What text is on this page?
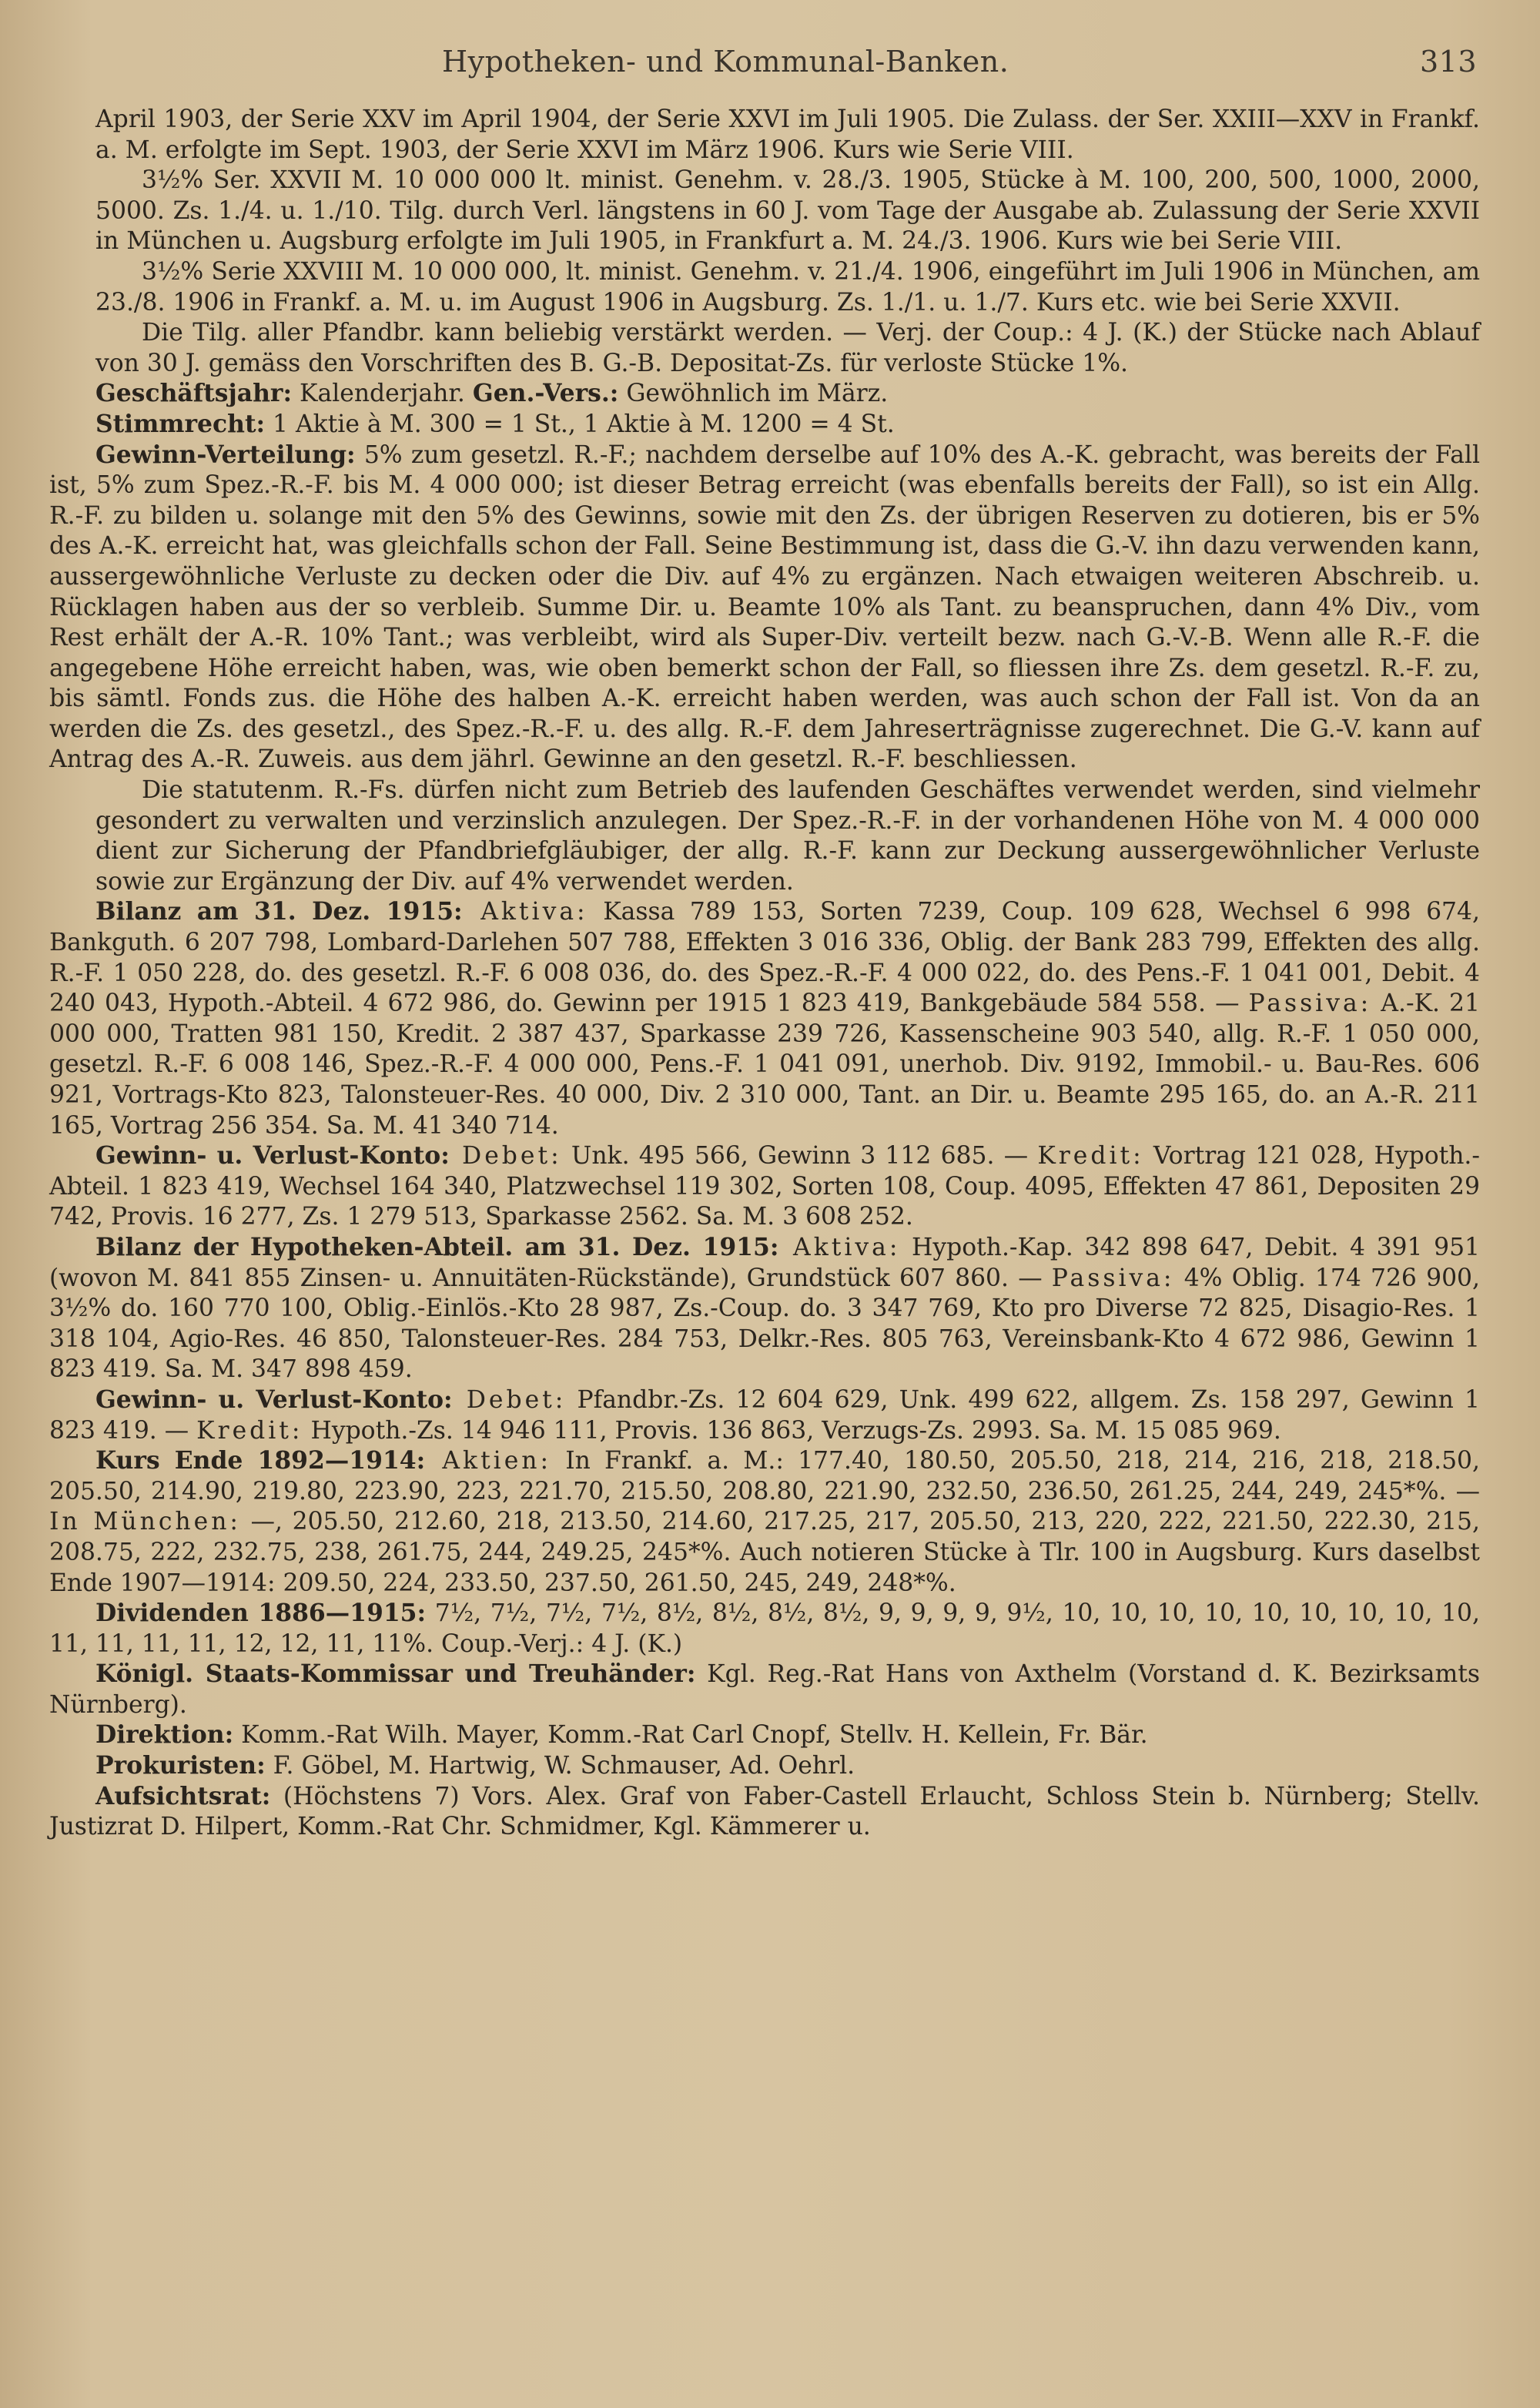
Hypotheken- und Kommunal-Banken.	313

April 1903, der Serie XXV im April 1904, der Serie XXVI im Juli 1905. Die Zulass. der Ser. XXIII—XXV in Frankf. a. M. erfolgte im Sept. 1903, der Serie XXVI im März 1906. Kurs wie Serie VIII.

3½% Ser. XXVII M. 10 000 000 lt. minist. Genehm. v. 28./3. 1905, Stücke à M. 100, 200, 500, 1000, 2000, 5000. Zs. 1./4. u. 1./10. Tilg. durch Verl. längstens in 60 J. vom Tage der Ausgabe ab. Zulassung der Serie XXVII in München u. Augsburg erfolgte im Juli 1905, in Frankfurt a. M. 24./3. 1906. Kurs wie bei Serie VIII.

3½% Serie XXVIII M. 10 000 000, lt. minist. Genehm. v. 21./4. 1906, eingeführt im Juli 1906 in München, am 23./8. 1906 in Frankf. a. M. u. im August 1906 in Augsburg. Zs. 1./1. u. 1./7. Kurs etc. wie bei Serie XXVII.

Die Tilg. aller Pfandbr. kann beliebig verstärkt werden. — Verj. der Coup.: 4 J. (K.) der Stücke nach Ablauf von 30 J. gemäss den Vorschriften des B. G.-B. Depositat-Zs. für verloste Stücke 1%.

Geschäftsjahr: Kalenderjahr. Gen.-Vers.: Gewöhnlich im März.

Stimmrecht: 1 Aktie à M. 300 = 1 St., 1 Aktie à M. 1200 = 4 St.

Gewinn-Verteilung: 5% zum gesetzl. R.-F.; nachdem derselbe auf 10% des A.-K. gebracht, was bereits der Fall ist, 5% zum Spez.-R.-F. bis M. 4 000 000; ist dieser Betrag erreicht (was ebenfalls bereits der Fall), so ist ein Allg. R.-F. zu bilden u. solange mit den 5% des Gewinns, sowie mit den Zs. der übrigen Reserven zu dotieren, bis er 5% des A.-K. erreicht hat, was gleichfalls schon der Fall. Seine Bestimmung ist, dass die G.-V. ihn dazu verwenden kann, aussergewöhnliche Verluste zu decken oder die Div. auf 4% zu ergänzen. Nach etwaigen weiteren Abschreib. u. Rücklagen haben aus der so verbleib. Summe Dir. u. Beamte 10% als Tant. zu beanspruchen, dann 4% Div., vom Rest erhält der A.-R. 10% Tant.; was verbleibt, wird als Super-Div. verteilt bezw. nach G.-V.-B. Wenn alle R.-F. die angegebene Höhe erreicht haben, was, wie oben bemerkt schon der Fall, so fliessen ihre Zs. dem gesetzl. R.-F. zu, bis sämtl. Fonds zus. die Höhe des halben A.-K. erreicht haben werden, was auch schon der Fall ist. Von da an werden die Zs. des gesetzl., des Spez.-R.-F. u. des allg. R.-F. dem Jahreserträgnisse zugerechnet. Die G.-V. kann auf Antrag des A.-R. Zuweis. aus dem jährl. Gewinne an den gesetzl. R.-F. beschliessen.

Die statutenm. R.-Fs. dürfen nicht zum Betrieb des laufenden Geschäftes verwendet werden, sind vielmehr gesondert zu verwalten und verzinslich anzulegen. Der Spez.-R.-F. in der vorhandenen Höhe von M. 4 000 000 dient zur Sicherung der Pfandbriefgläubiger, der allg. R.-F. kann zur Deckung aussergewöhnlicher Verluste sowie zur Ergänzung der Div. auf 4% verwendet werden.

Bilanz am 31. Dez. 1915: Aktiva: Kassa 789 153, Sorten 7239, Coup. 109 628, Wechsel 6 998 674, Bankguth. 6 207 798, Lombard-Darlehen 507 788, Effekten 3 016 336, Oblig. der Bank 283 799, Effekten des allg. R.-F. 1 050 228, do. des gesetzl. R.-F. 6 008 036, do. des Spez.-R.-F. 4 000 022, do. des Pens.-F. 1 041 001, Debit. 4 240 043, Hypoth.-Abteil. 4 672 986, do. Gewinn per 1915 1 823 419, Bankgebäude 584 558. — Passiva: A.-K. 21 000 000, Tratten 981 150, Kredit. 2 387 437, Sparkasse 239 726, Kassenscheine 903 540, allg. R.-F. 1 050 000, gesetzl. R.-F. 6 008 146, Spez.-R.-F. 4 000 000, Pens.-F. 1 041 091, unerhob. Div. 9192, Immobil.- u. Bau-Res. 606 921, Vortrags-Kto 823, Talonsteuer-Res. 40 000, Div. 2 310 000, Tant. an Dir. u. Beamte 295 165, do. an A.-R. 211 165, Vortrag 256 354. Sa. M. 41 340 714.

Gewinn- u. Verlust-Konto: Debet: Unk. 495 566, Gewinn 3 112 685. — Kredit: Vortrag 121 028, Hypoth.-Abteil. 1 823 419, Wechsel 164 340, Platzwechsel 119 302, Sorten 108, Coup. 4095, Effekten 47 861, Depositen 29 742, Provis. 16 277, Zs. 1 279 513, Sparkasse 2562. Sa. M. 3 608 252.

Bilanz der Hypotheken-Abteil. am 31. Dez. 1915: Aktiva: Hypoth.-Kap. 342 898 647, Debit. 4 391 951 (wovon M. 841 855 Zinsen- u. Annuitäten-Rückstände), Grundstück 607 860. — Passiva: 4% Oblig. 174 726 900, 3½% do. 160 770 100, Oblig.-Einlös.-Kto 28 987, Zs.-Coup. do. 3 347 769, Kto pro Diverse 72 825, Disagio-Res. 1 318 104, Agio-Res. 46 850, Talonsteuer-Res. 284 753, Delkr.-Res. 805 763, Vereinsbank-Kto 4 672 986, Gewinn 1 823 419. Sa. M. 347 898 459.

Gewinn- u. Verlust-Konto: Debet: Pfandbr.-Zs. 12 604 629, Unk. 499 622, allgem. Zs. 158 297, Gewinn 1 823 419. — Kredit: Hypoth.-Zs. 14 946 111, Provis. 136 863, Verzugs-Zs. 2993. Sa. M. 15 085 969.

Kurs Ende 1892—1914: Aktien: In Frankf. a. M.: 177.40, 180.50, 205.50, 218, 214, 216, 218, 218.50, 205.50, 214.90, 219.80, 223.90, 223, 221.70, 215.50, 208.80, 221.90, 232.50, 236.50, 261.25, 244, 249, 245*%. — In München: —, 205.50, 212.60, 218, 213.50, 214.60, 217.25, 217, 205.50, 213, 220, 222, 221.50, 222.30, 215, 208.75, 222, 232.75, 238, 261.75, 244, 249.25, 245*%. Auch notieren Stücke à Tlr. 100 in Augsburg. Kurs daselbst Ende 1907—1914: 209.50, 224, 233.50, 237.50, 261.50, 245, 249, 248*%.

Dividenden 1886—1915: 7½, 7½, 7½, 7½, 8½, 8½, 8½, 8½, 9, 9, 9, 9, 9½, 10, 10, 10, 10, 10, 10, 10, 10, 10, 11, 11, 11, 11, 12, 12, 11, 11%. Coup.-Verj.: 4 J. (K.)

Königl. Staats-Kommissar und Treuhänder: Kgl. Reg.-Rat Hans von Axthelm (Vorstand d. K. Bezirksamts Nürnberg).

Direktion: Komm.-Rat Wilh. Mayer, Komm.-Rat Carl Cnopf, Stellv. H. Kellein, Fr. Bär.

Prokuristen: F. Göbel, M. Hartwig, W. Schmauser, Ad. Oehrl.

Aufsichtsrat: (Höchstens 7) Vors. Alex. Graf von Faber-Castell Erlaucht, Schloss Stein b. Nürnberg; Stellv. Justizrat D. Hilpert, Komm.-Rat Chr. Schmidmer, Kgl. Kämmerer u.
